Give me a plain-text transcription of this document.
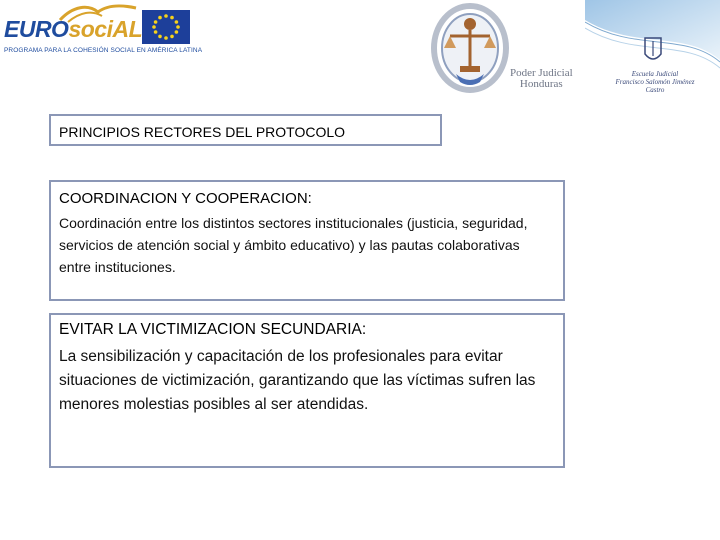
EUROsociAL
PROGRAMA PARA LA COHESIÓN SOCIAL EN AMÉRICA LATINA
Poder Judicial
Honduras
Escuela Judicial
Francisco Salomón Jiménez Castro
PRINCIPIOS RECTORES DEL PROTOCOLO
COORDINACION Y COOPERACION:
Coordinación entre los distintos sectores institucionales (justicia, seguridad, servicios de atención social y ámbito educativo) y las pautas colaborativas entre instituciones.
EVITAR LA VICTIMIZACION SECUNDARIA:
La sensibilización y capacitación de los profesionales para evitar situaciones de victimización, garantizando que las víctimas sufren las menores molestias posibles al ser atendidas.
